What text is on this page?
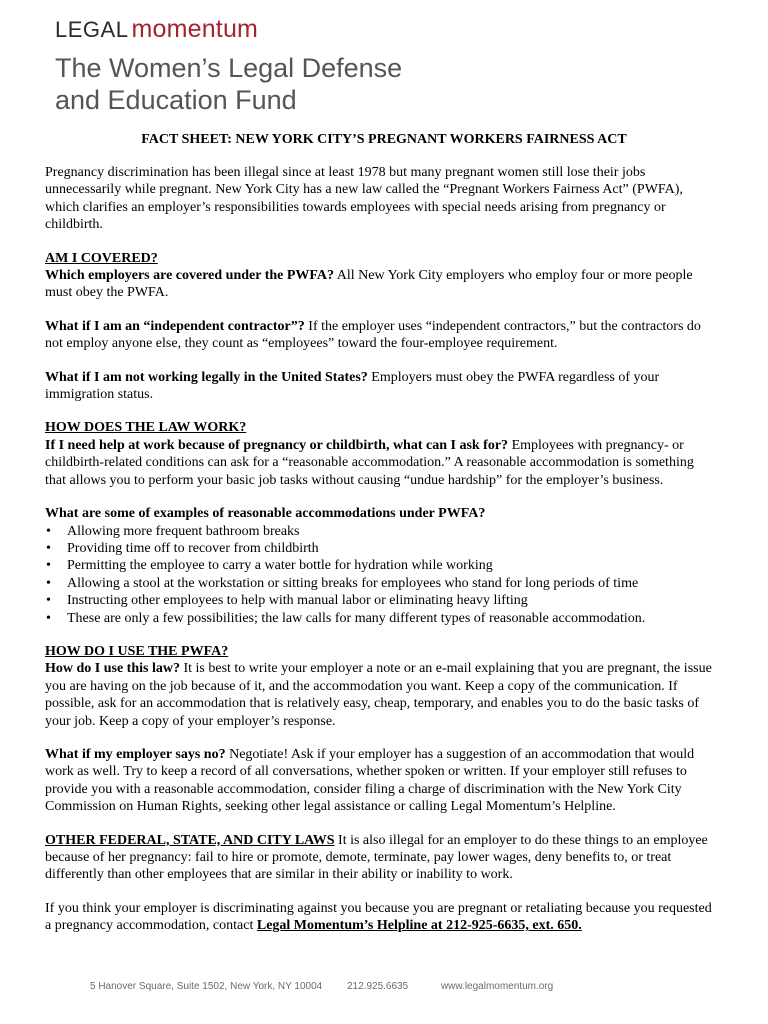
LEGAL momentum
The Women’s Legal Defense
and Education Fund
FACT SHEET: NEW YORK CITY’S PREGNANT WORKERS FAIRNESS ACT

Pregnancy discrimination has been illegal since at least 1978 but many pregnant women still lose their jobs unnecessarily while pregnant. New York City has a new law called the “Pregnant Workers Fairness Act” (PWFA), which clarifies an employer’s responsibilities towards employees with special needs arising from pregnancy or childbirth.

AM I COVERED?

Which employers are covered under the PWFA? All New York City employers who employ four or more people must obey the PWFA.

What if I am an “independent contractor”? If the employer uses “independent contractors,” but the contractors do not employ anyone else, they count as “employees” toward the four-employee requirement.

What if I am not working legally in the United States? Employers must obey the PWFA regardless of your immigration status.

HOW DOES THE LAW WORK?

If I need help at work because of pregnancy or childbirth, what can I ask for? Employees with pregnancy- or childbirth-related conditions can ask for a “reasonable accommodation.” A reasonable accommodation is something that allows you to perform your basic job tasks without causing “undue hardship” for the employer’s business.

What are some of examples of reasonable accommodations under PWFA?
• Allowing more frequent bathroom breaks
• Providing time off to recover from childbirth
• Permitting the employee to carry a water bottle for hydration while working
• Allowing a stool at the workstation or sitting breaks for employees who stand for long periods of time
• Instructing other employees to help with manual labor or eliminating heavy lifting
• These are only a few possibilities; the law calls for many different types of reasonable accommodation.
HOW DO I USE THE PWFA?

How do I use this law? It is best to write your employer a note or an e-mail explaining that you are pregnant, the issue you are having on the job because of it, and the accommodation you want. Keep a copy of the communication. If possible, ask for an accommodation that is relatively easy, cheap, temporary, and enables you to do the basic tasks of your job. Keep a copy of your employer’s response.

What if my employer says no? Negotiate! Ask if your employer has a suggestion of an accommodation that would work as well. Try to keep a record of all conversations, whether spoken or written. If your employer still refuses to provide you with a reasonable accommodation, consider filing a charge of discrimination with the New York City Commission on Human Rights, seeking other legal assistance or calling Legal Momentum’s Helpline.

OTHER FEDERAL, STATE, AND CITY LAWS It is also illegal for an employer to do these things to an employee because of her pregnancy: fail to hire or promote, demote, terminate, pay lower wages, deny benefits to, or treat differently than other employees that are similar in their ability or inability to work.

If you think your employer is discriminating against you because you are pregnant or retaliating because you requested a pregnancy accommodation, contact Legal Momentum’s Helpline at 212-925-6635, ext. 650.

5 Hanover Square, Suite 1502, New York, NY 10004 212.925.6635	www.legalmomentum.org
